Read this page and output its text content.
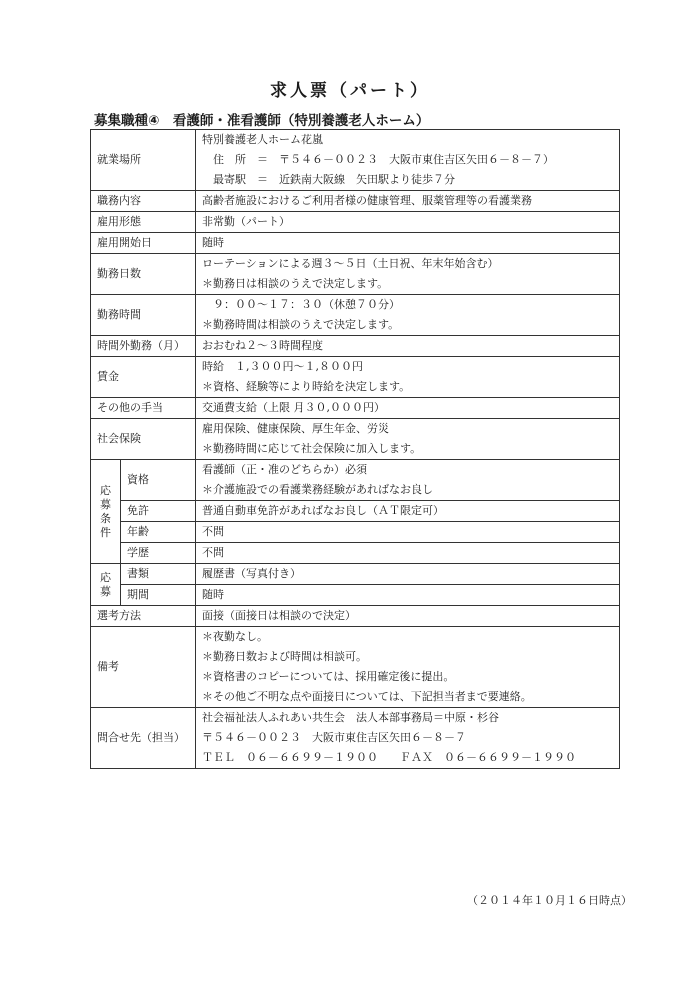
求人票（パート）
募集職種④　看護師・准看護師（特別養護老人ホーム）
就業場所		特別養護老人ホーム花嵐
　住　所　＝　〒５４６－００２３　大阪市東住吉区矢田６－８－７）
　最寄駅　＝　近鉄南大阪線　矢田駅より徒歩７分

職務内容		高齢者施設におけるご利用者様の健康管理、服薬管理等の看護業務
雇用形態		非常勤（パート）
雇用開始日		随時
勤務日数		ローテーションによる週３～５日（土日祝、年末年始含む）
＊勤務日は相談のうえで決定します。

勤務時間		　９：００～１７：３０（休憩７０分）
＊勤務時間は相談のうえで決定します。

時間外勤務（月）		おおむね２～３時間程度
賃金		時給　１,３００円～１,８００円
＊資格、経験等により時給を決定します。

その他の手当		交通費支給（上限 月３０,０００円）
社会保険		雇用保険、健康保険、厚生年金、労災
＊勤務時間に応じて社会保険に加入します。

応募条件	資格	看護師（正・准のどちらか）必須
＊介護施設での看護業務経験があればなお良し

	免許	普通自動車免許があればなお良し（ＡＴ限定可）
	年齢	不問
	学歴	不問
応募	書類	履歴書（写真付き）
	期間	随時
選考方法		面接（面接日は相談ので決定）
備考		＊夜勤なし。
＊勤務日数および時間は相談可。
＊資格書のコピーについては、採用確定後に提出。
＊その他ご不明な点や面接日については、下記担当者まで要連絡。

問合せ先（担当）		社会福祉法人ふれあい共生会　法人本部事務局＝中原・杉谷
〒５４６－００２３　大阪市東住吉区矢田６－８－７
ＴＥＬ　０６－６６９９－１９００　　ＦＡＸ　０６－６６９９－１９９０
（２０１４年１０月１６日時点）
